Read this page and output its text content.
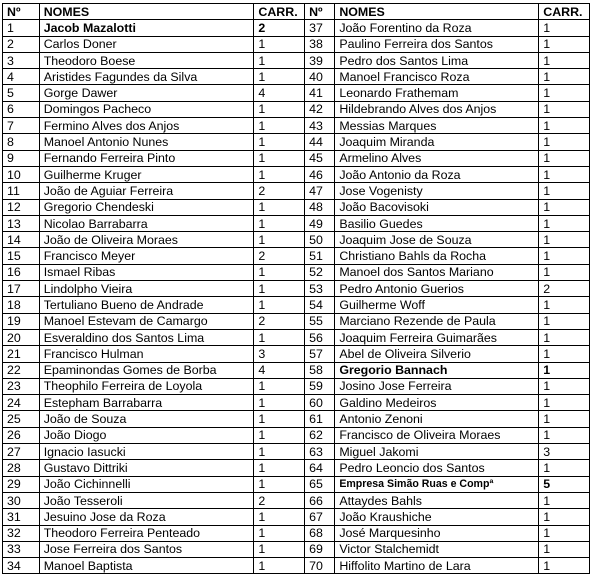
Nº	NOMES	CARR.	Nº	NOMES	CARR.
1	Jacob Mazalotti	2	37	João Forentino da Roza	1
2	Carlos Doner	1	38	Paulino Ferreira dos Santos	1
3	Theodoro Boese	1	39	Pedro dos Santos Lima	1
4	Aristides Fagundes da Silva	1	40	Manoel Francisco Roza	1
5	Gorge Dawer	4	41	Leonardo Frathemam	1
6	Domingos Pacheco	1	42	Hildebrando Alves dos Anjos	1
7	Fermino Alves dos Anjos	1	43	Messias Marques	1
8	Manoel Antonio Nunes	1	44	Joaquim Miranda	1
9	Fernando Ferreira Pinto	1	45	Armelino Alves	1
10	Guilherme Kruger	1	46	João Antonio da Roza	1
11	João de Aguiar Ferreira	2	47	Jose Vogenisty	1
12	Gregorio Chendeski	1	48	João Bacovisoki	1
13	Nicolao Barrabarra	1	49	Basilio Guedes	1
14	João de Oliveira Moraes	1	50	Joaquim Jose de Souza	1
15	Francisco Meyer	2	51	Christiano Bahls da Rocha	1
16	Ismael Ribas	1	52	Manoel dos Santos Mariano	1
17	Lindolpho Vieira	1	53	Pedro Antonio Guerios	2
18	Tertuliano Bueno de Andrade	1	54	Guilherme Woff	1
19	Manoel Estevam de Camargo	2	55	Marciano Rezende de Paula	1
20	Esveraldino dos Santos Lima	1	56	Joaquim Ferreira Guimarães	1
21	Francisco Hulman	3	57	Abel de Oliveira Silverio	1
22	Epaminondas Gomes de Borba	4	58	Gregorio Bannach	1
23	Theophilo Ferreira de Loyola	1	59	Josino Jose Ferreira	1
24	Estepham Barrabarra	1	60	Galdino Medeiros	1
25	João de Souza	1	61	Antonio Zenoni	1
26	João Diogo	1	62	Francisco de Oliveira Moraes	1
27	Ignacio Iasucki	1	63	Miguel Jakomi	3
28	Gustavo Dittriki	1	64	Pedro Leoncio dos Santos	1
29	João Cichinnelli	1	65	Empresa Simão Ruas e Compª	5
30	João Tesseroli	2	66	Attaydes Bahls	1
31	Jesuino Jose da Roza	1	67	João Kraushiche	1
32	Theodoro Ferreira Penteado	1	68	José Marquesinho	1
33	Jose Ferreira dos Santos	1	69	Victor Stalchemidt	1
34	Manoel Baptista	1	70	Hiffolito Martino de Lara	1
